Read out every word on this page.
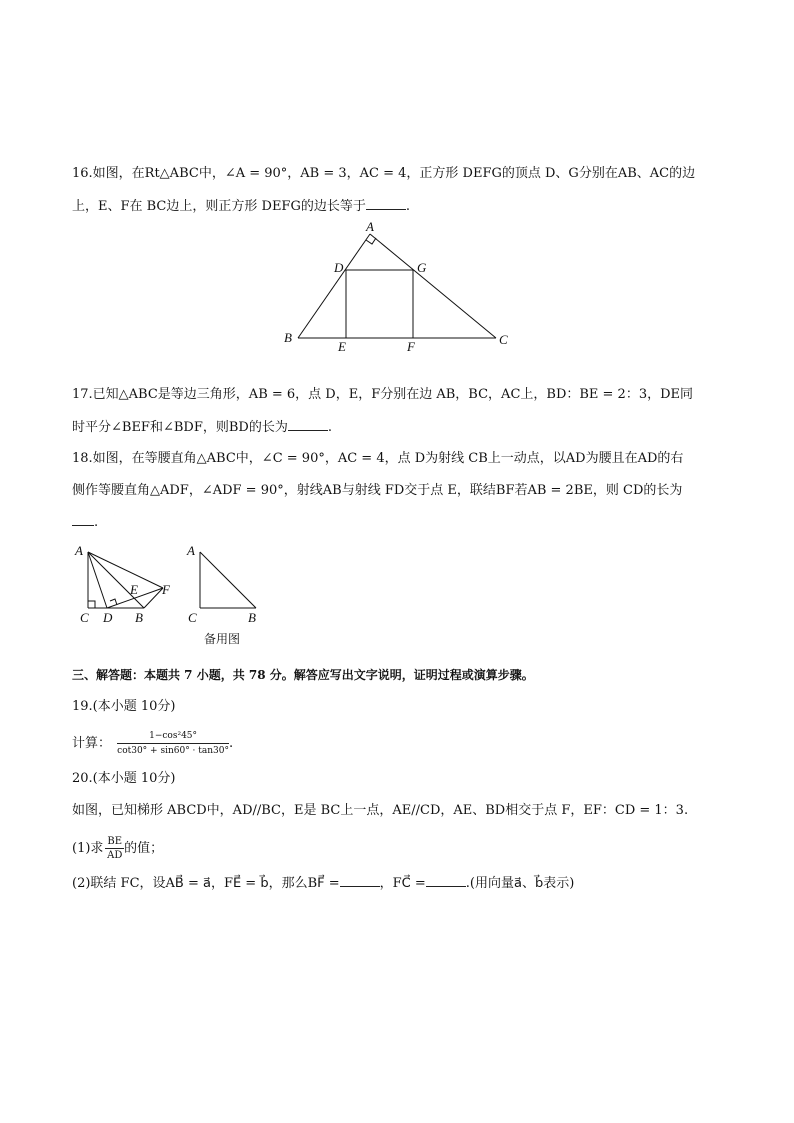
16.如图，在Rt△ABC中，∠A = 90°，AB = 3，AC = 4，正方形 DEFG的顶点 D、G分别在AB、AC的边
上，E、F在 BC边上，则正方形 DEFG的边长等于	.
A
D	G
B
E	F	C
17.已知△ABC是等边三角形，AB = 6，点 D，E，F分别在边 AB，BC，AC上，BD：BE = 2：3，DE同
时平分∠BEF和∠BDF，则BD的长为	.
18.如图，在等腰直角△ABC中，∠C = 90°，AC = 4，点 D为射线 CB上一动点，以AD为腰且在AD的右
侧作等腰直角△ADF，∠ADF = 90°，射线AB与射线 FD交于点 E，联结BF若AB = 2BE，则 CD的长为
.
A
E F
C D B
A
C	B
备用图
三、解答题：本题共 7 小题，共 78 分。解答应写出文字说明，证明过程或演算步骤。
19.(本小题 10分)
计算： $\frac{\text{1−cos²45°}}{\cot 30^\circ + \sin 60^\circ \cdot \tan 30^\circ}$ .
20.(本小题 10分)
如图，已知梯形 ABCD中，AD//BC，E是 BC上一点，AE//CD，AE、BD相交于点 F，EF：CD = 1：3.
(1)求 $\frac{BE}{AD}$ 的值；
(2)联结 FC，设AB⃗ = a⃗，FE⃗ = b⃗，那么BF⃗ =	，FC⃗ =	.(用向量a⃗、b⃗表示)
